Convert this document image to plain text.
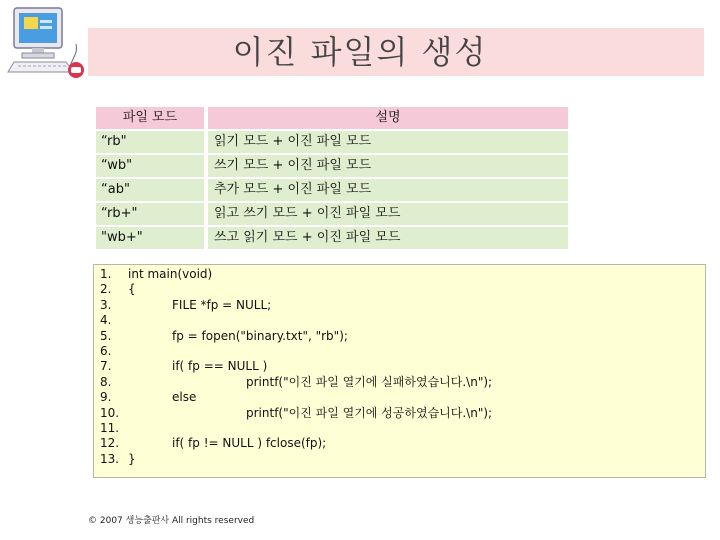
이진 파일의 생성
파일 모드	설명
“rb"	읽기 모드 + 이진 파일 모드
“wb"	쓰기 모드 + 이진 파일 모드
“ab"	추가 모드 + 이진 파일 모드
“rb+"	읽고 쓰기 모드 + 이진 파일 모드
"wb+"	쓰고 읽기 모드 + 이진 파일 모드
1.	int main(void)
2.	{
3.	FILE *fp = NULL;
4.
5.	fp = fopen("binary.txt", "rb");
6.
7.	if( fp == NULL )
8.	printf("이진 파일 열기에 실패하였습니다.\n");
9.	else
10.	printf("이진 파일 열기에 성공하였습니다.\n");
11.
12.	if( fp != NULL ) fclose(fp);
13. }
© 2007 생능출판사 All rights reserved
